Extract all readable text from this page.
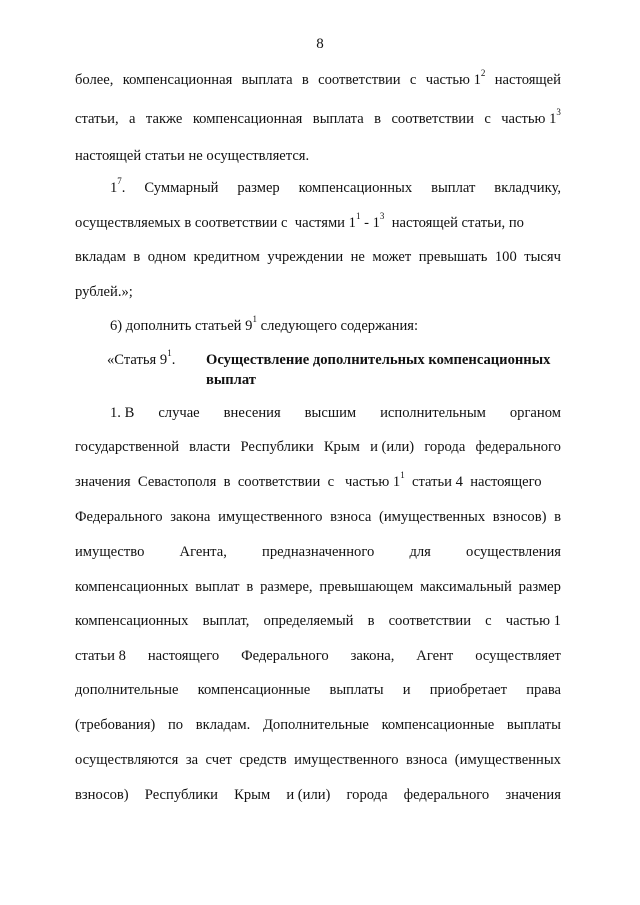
8
более, компенсационная выплата в соответствии с частью $1^2$ настоящей
статьи, а также компенсационная выплата в соответствии с частью $1^3$
настоящей статьи не осуществляется.
$1^7$. Суммарный размер компенсационных выплат вкладчику,
осуществляемых в соответствии с  частями $1^1 - 1^3$  настоящей статьи, по
вкладам в одном кредитном учреждении не может превышать 100 тысяч
рублей.»;
6) дополнить статьей $9^1$ следующего содержания:
«Статья $9^1$. Осуществление дополнительных компенсационных выплат
1. В случае внесения высшим исполнительным органом
государственной власти Республики Крым и (или) города федерального
значения  Севастополя  в  соответствии  с   частью $1^1$  статьи 4  настоящего
Федерального закона имущественного взноса (имущественных взносов) в
имущество Агента, предназначенного для осуществления
компенсационных выплат в размере, превышающем максимальный размер
компенсационных выплат, определяемый в соответствии с частью 1
статьи 8 настоящего Федерального закона, Агент осуществляет
дополнительные компенсационные выплаты и приобретает права
(требования) по вкладам. Дополнительные компенсационные выплаты
осуществляются за счет средств имущественного взноса (имущественных
взносов) Республики Крым и (или) города федерального значения
